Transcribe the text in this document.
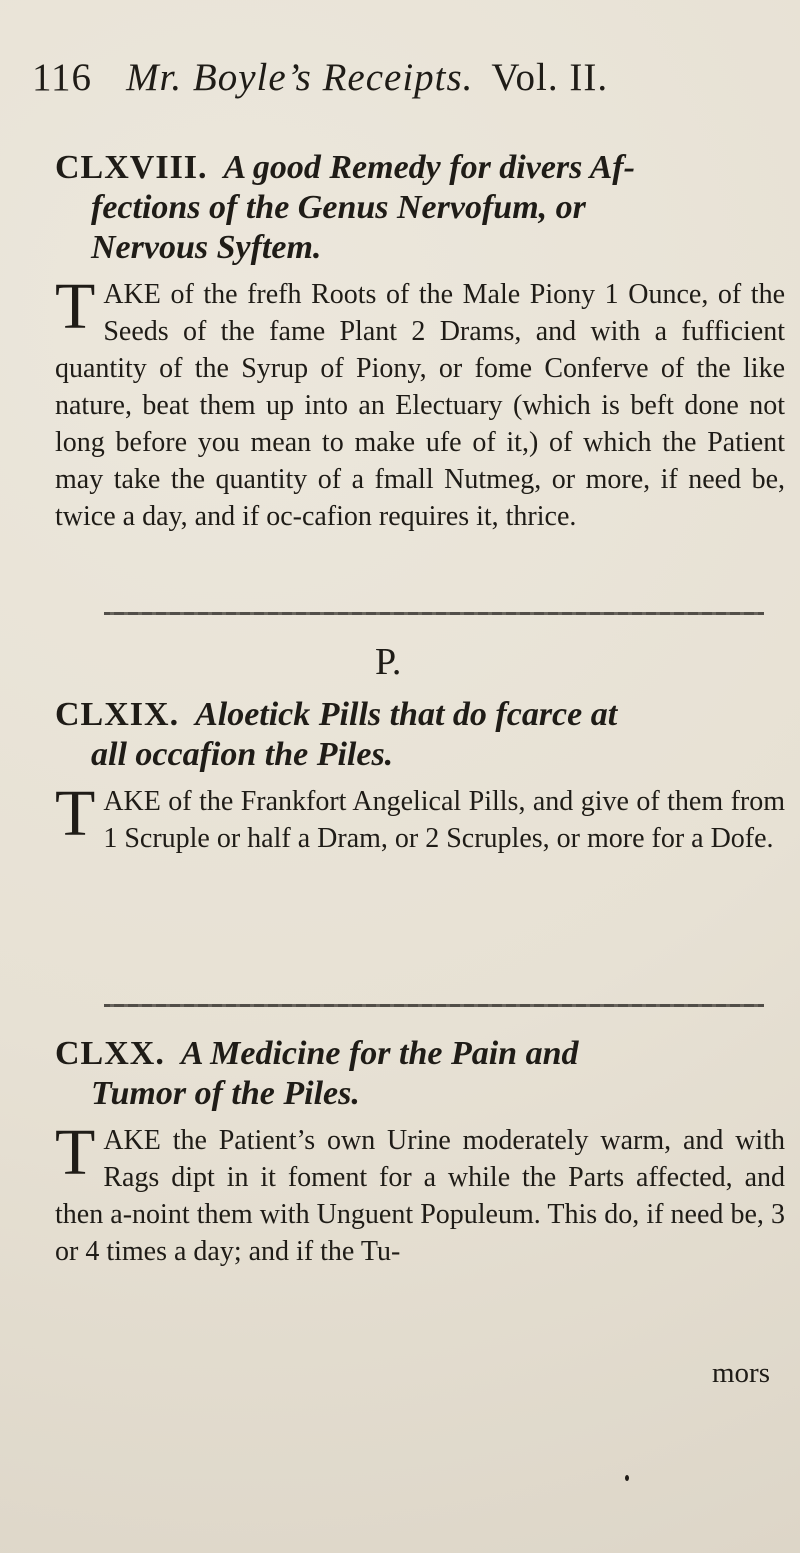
116 Mr. Boyle’s Receipts. Vol. II.
CLXVIII. A good Remedy for divers Af-
fections of the Genus Nervofum, or
Nervous Syftem.

TAKE of the frefh Roots of the Male Piony 1 Ounce, of the Seeds of the fame Plant 2 Drams, and with a fufficient quantity of the Syrup of Piony, or fome Conferve of the like nature, beat them up into an Electuary (which is beft done not long before you mean to make ufe of it,) of which the Patient may take the quantity of a fmall Nutmeg, or more, if need be, twice a day, and if oc-cafion requires it, thrice.

P.
CLXIX. Aloetick Pills that do fcarce at
all occafion the Piles.

TAKE of the Frankfort Angelical Pills, and give of them from 1 Scruple or half a Dram, or 2 Scruples, or more for a Dofe.

CLXX. A Medicine for the Pain and
Tumor of the Piles.

TAKE the Patient’s own Urine moderately warm, and with Rags dipt in it foment for a while the Parts affected, and then a-noint them with Unguent Populeum. This do, if need be, 3 or 4 times a day; and if the Tu-

mors
